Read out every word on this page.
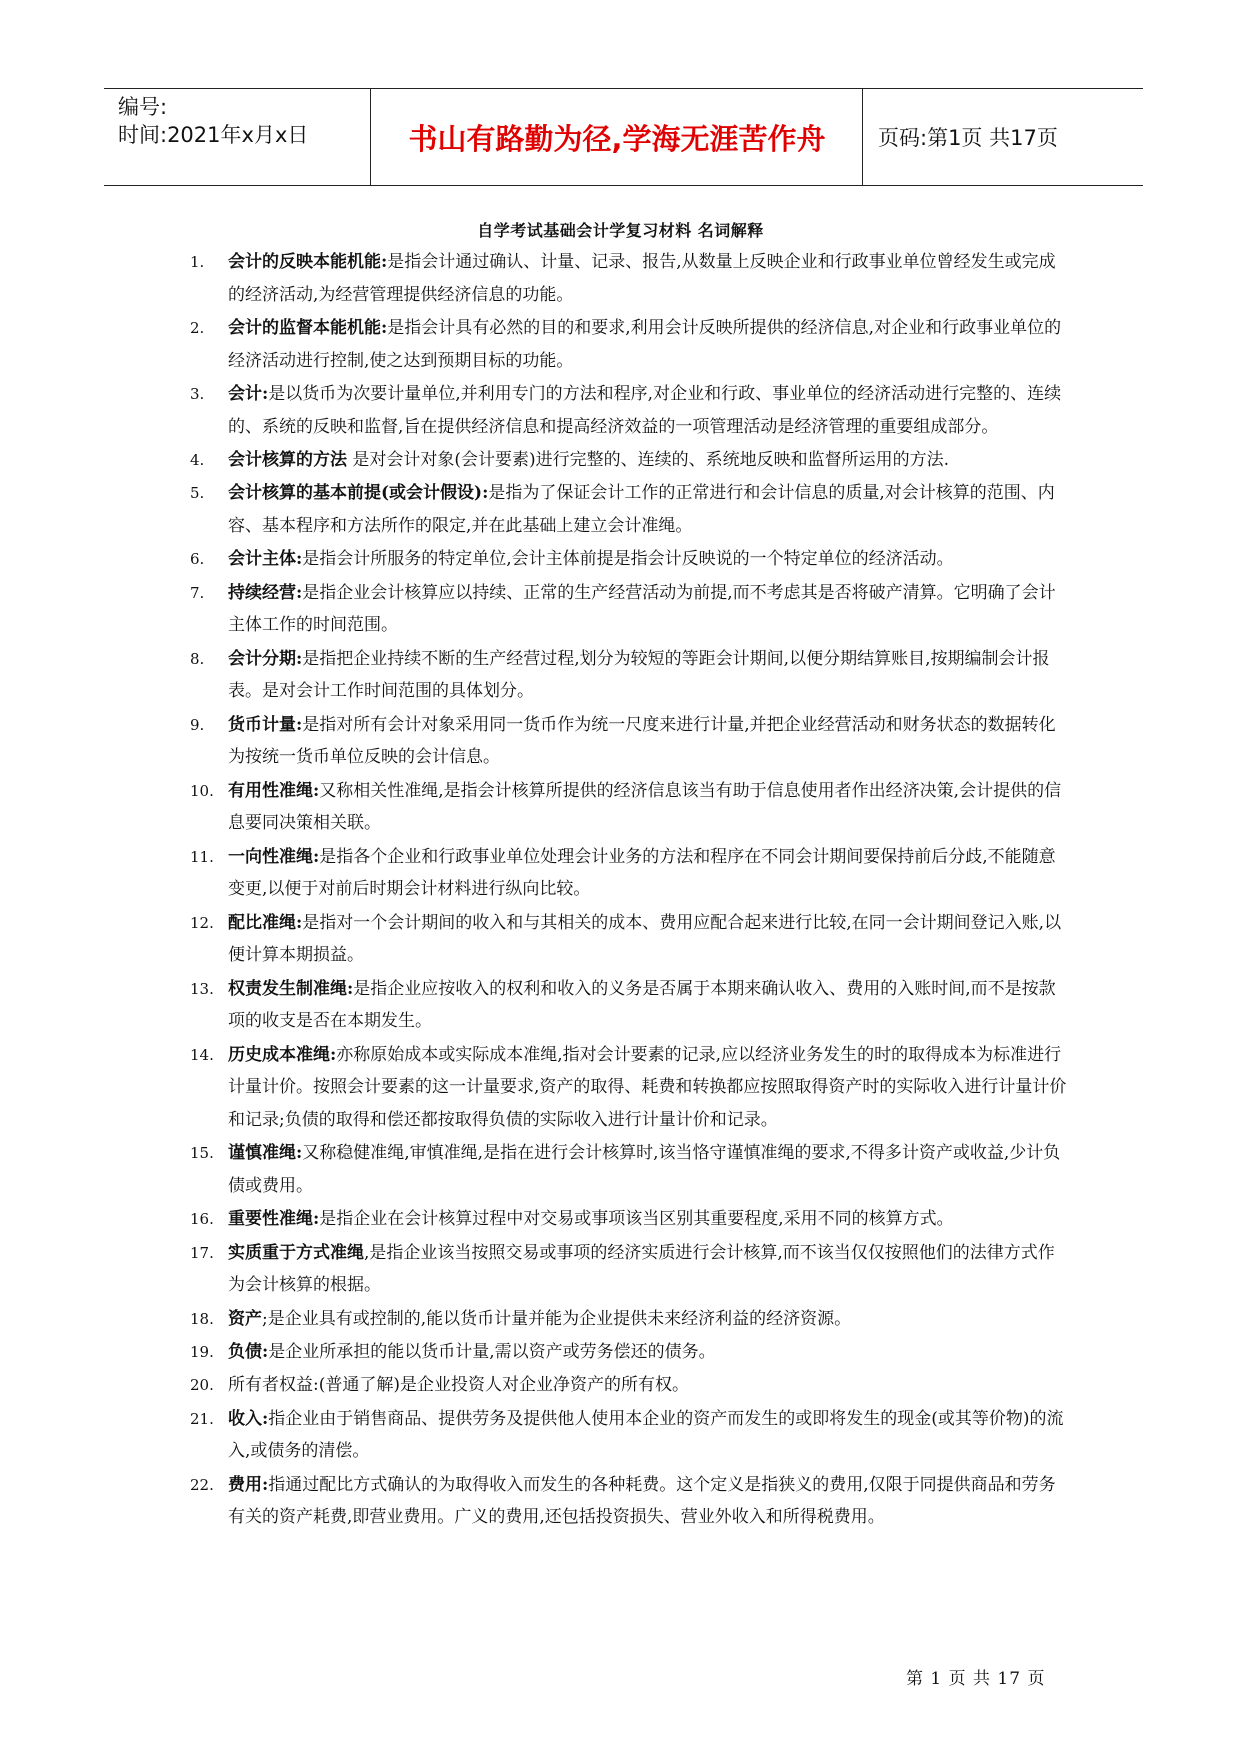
编号:
时间:2021年x月x日	书山有路勤为径,学海无涯苦作舟	页码:第1页 共17页
自学考试基础会计学复习材料 名词解释
1.	会计的反映本能机能:是指会计通过确认、计量、记录、报告,从数量上反映企业和行政事业单位曾经发生或完成的经济活动,为经营管理提供经济信息的功能。
2.	会计的监督本能机能:是指会计具有必然的目的和要求,利用会计反映所提供的经济信息,对企业和行政事业单位的经济活动进行控制,使之达到预期目标的功能。
3.	会计:是以货币为次要计量单位,并利用专门的方法和程序,对企业和行政、事业单位的经济活动进行完整的、连续的、系统的反映和监督,旨在提供经济信息和提高经济效益的一项管理活动是经济管理的重要组成部分。
4.	会计核算的方法 是对会计对象(会计要素)进行完整的、连续的、系统地反映和监督所运用的方法.
5.	会计核算的基本前提(或会计假设):是指为了保证会计工作的正常进行和会计信息的质量,对会计核算的范围、内容、基本程序和方法所作的限定,并在此基础上建立会计准绳。
6.	会计主体:是指会计所服务的特定单位,会计主体前提是指会计反映说的一个特定单位的经济活动。
7.	持续经营:是指企业会计核算应以持续、正常的生产经营活动为前提,而不考虑其是否将破产清算。它明确了会计主体工作的时间范围。
8.	会计分期:是指把企业持续不断的生产经营过程,划分为较短的等距会计期间,以便分期结算账目,按期编制会计报表。是对会计工作时间范围的具体划分。
9.	货币计量:是指对所有会计对象采用同一货币作为统一尺度来进行计量,并把企业经营活动和财务状态的数据转化为按统一货币单位反映的会计信息。
10. 有用性准绳:又称相关性准绳,是指会计核算所提供的经济信息该当有助于信息使用者作出经济决策,会计提供的信息要同决策相关联。
11. 一向性准绳:是指各个企业和行政事业单位处理会计业务的方法和程序在不同会计期间要保持前后分歧,不能随意变更,以便于对前后时期会计材料进行纵向比较。
12. 配比准绳:是指对一个会计期间的收入和与其相关的成本、费用应配合起来进行比较,在同一会计期间登记入账,以便计算本期损益。
13. 权责发生制准绳:是指企业应按收入的权利和收入的义务是否属于本期来确认收入、费用的入账时间,而不是按款项的收支是否在本期发生。
14. 历史成本准绳:亦称原始成本或实际成本准绳,指对会计要素的记录,应以经济业务发生的时的取得成本为标准进行计量计价。按照会计要素的这一计量要求,资产的取得、耗费和转换都应按照取得资产时的实际收入进行计量计价和记录;负债的取得和偿还都按取得负债的实际收入进行计量计价和记录。
15. 谨慎准绳:又称稳健准绳,审慎准绳,是指在进行会计核算时,该当恪守谨慎准绳的要求,不得多计资产或收益,少计负债或费用。
16. 重要性准绳:是指企业在会计核算过程中对交易或事项该当区别其重要程度,采用不同的核算方式。
17. 实质重于方式准绳,是指企业该当按照交易或事项的经济实质进行会计核算,而不该当仅仅按照他们的法律方式作为会计核算的根据。
18. 资产;是企业具有或控制的,能以货币计量并能为企业提供未来经济利益的经济资源。
19. 负债:是企业所承担的能以货币计量,需以资产或劳务偿还的债务。
20. 所有者权益:(普通了解)是企业投资人对企业净资产的所有权。
21. 收入:指企业由于销售商品、提供劳务及提供他人使用本企业的资产而发生的或即将发生的现金(或其等价物)的流入,或债务的清偿。
22. 费用:指通过配比方式确认的为取得收入而发生的各种耗费。这个定义是指狭义的费用,仅限于同提供商品和劳务有关的资产耗费,即营业费用。广义的费用,还包括投资损失、营业外收入和所得税费用。
第 1 页 共 17 页
